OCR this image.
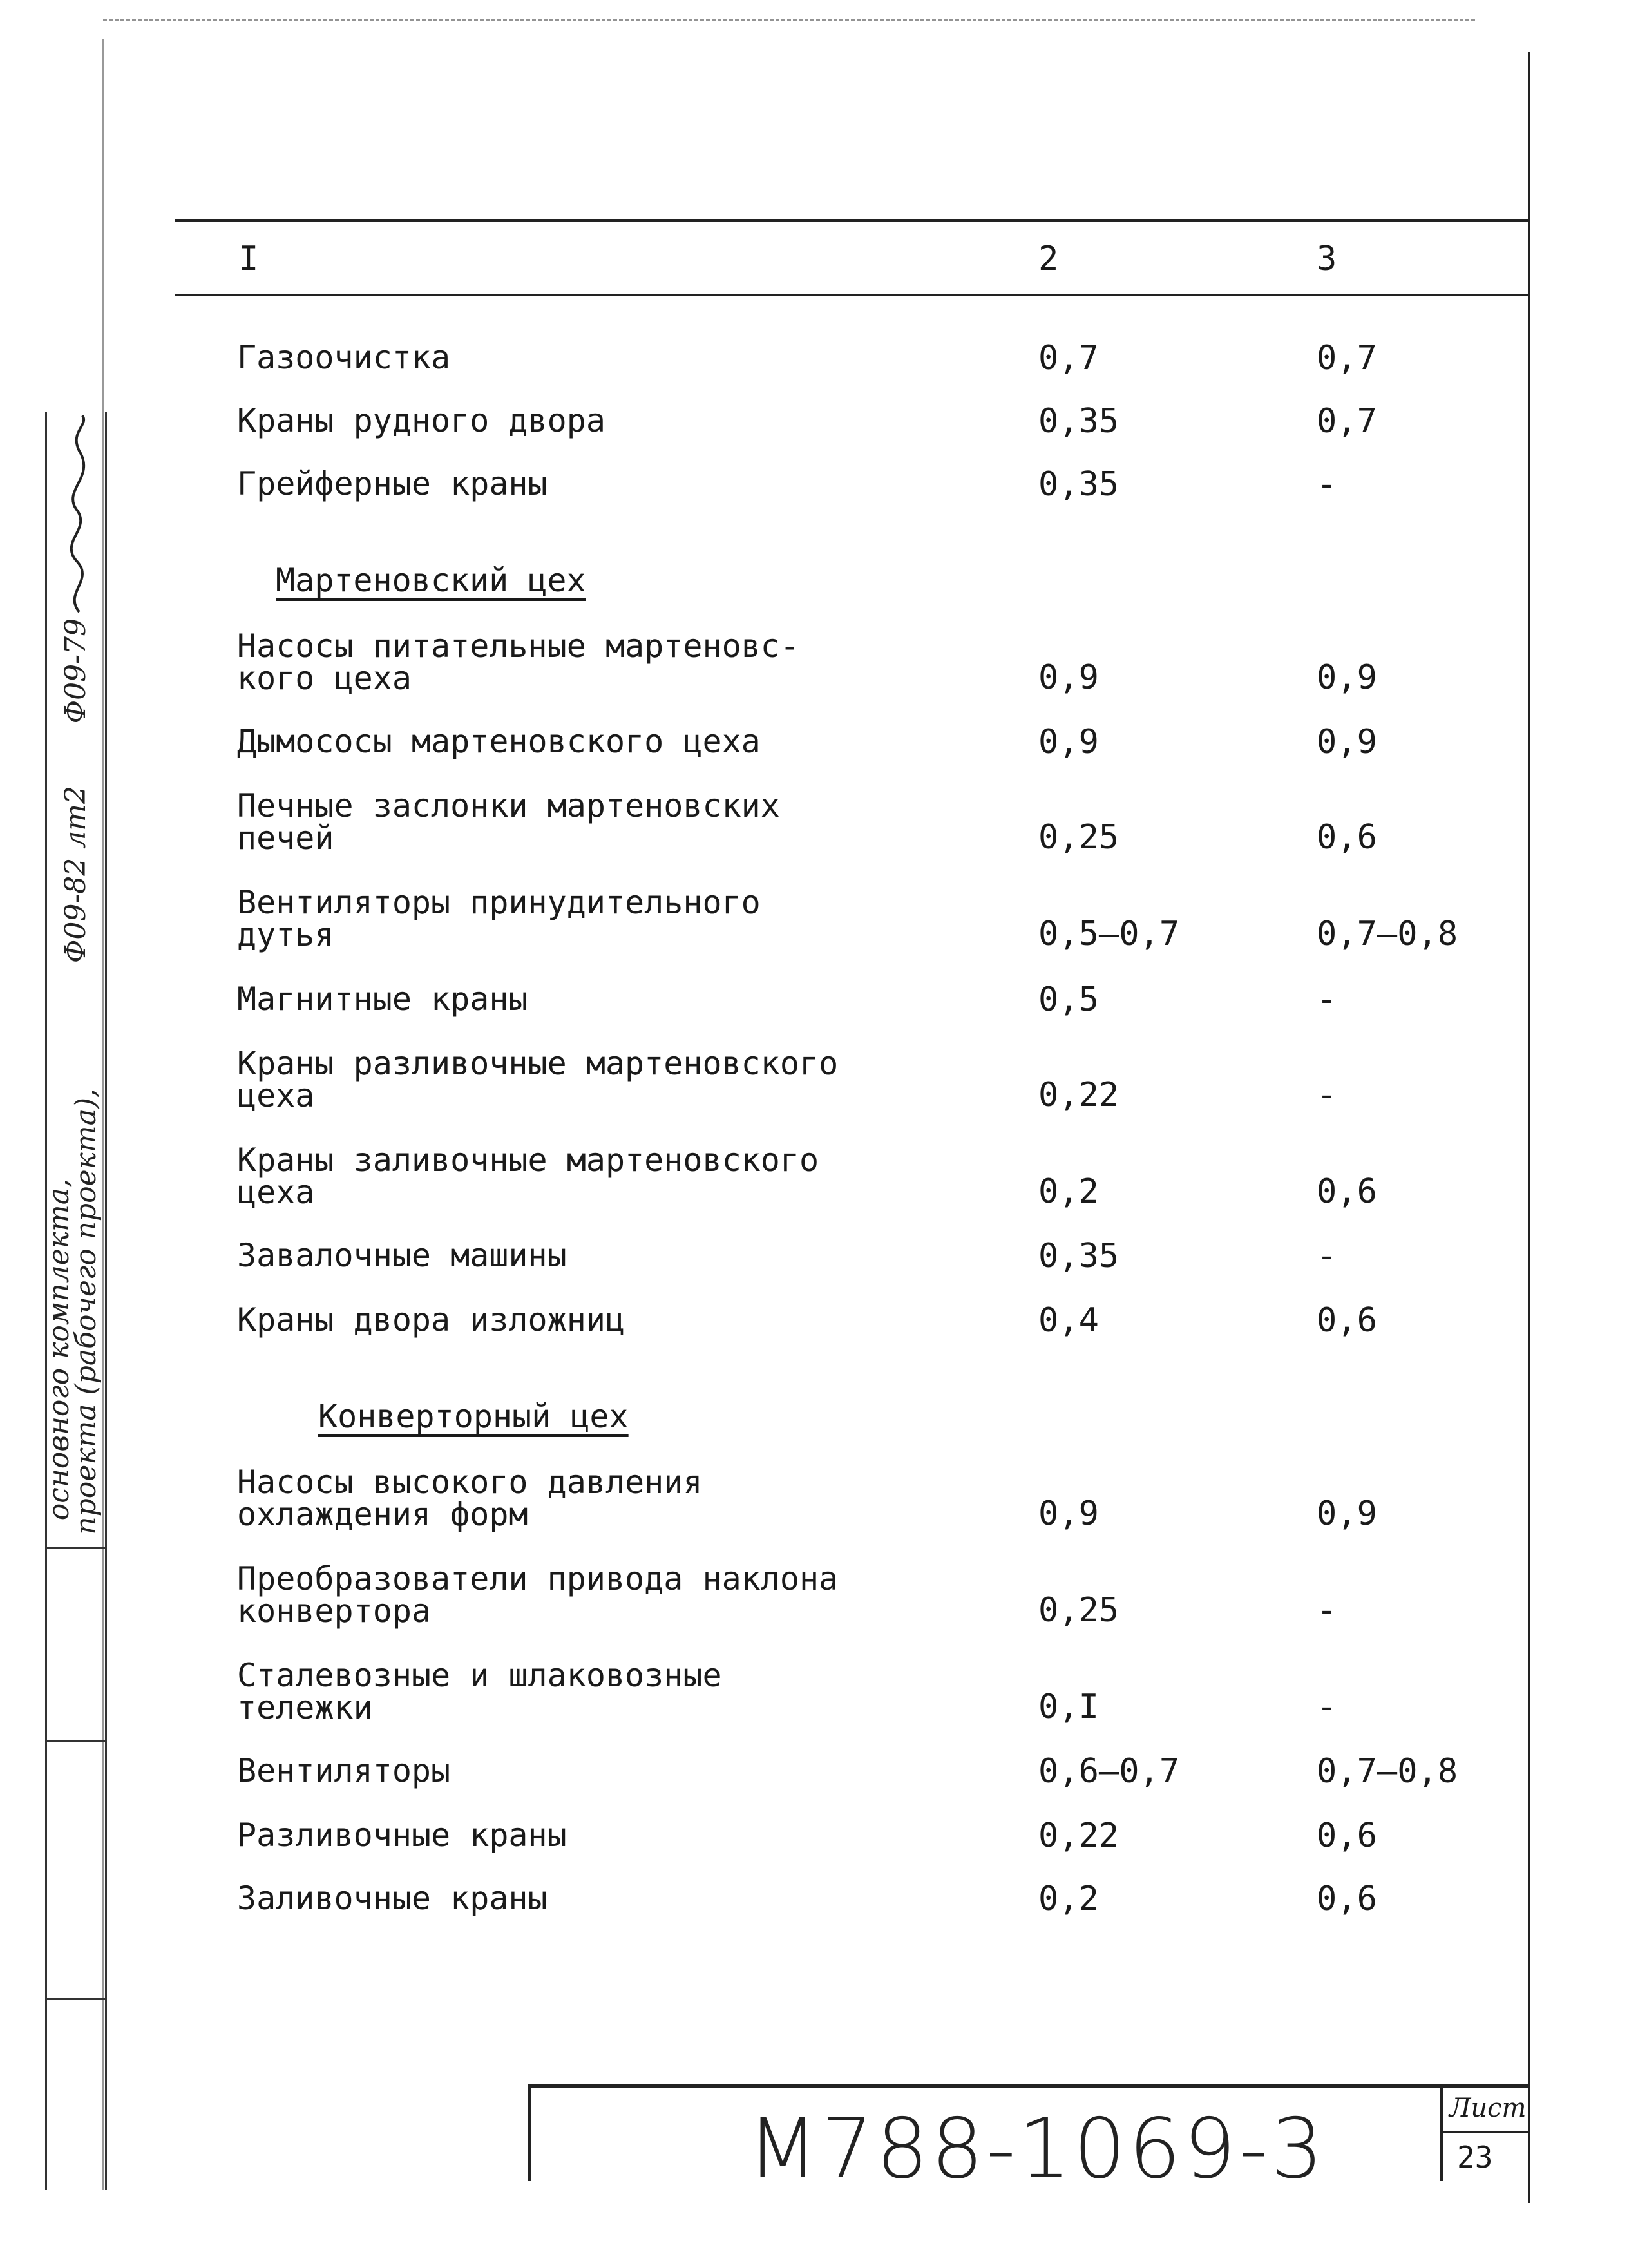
основного комплекта,
проекта (рабочего проекта),
Ф09-82 лт2
Ф09-79
I	2	3
Газоочистка	0,7	0,7
Краны рудного двора	0,35	0,7
Грейферные краны	0,35	-
Мартеновский цех
Насосы питательные мартеновс-
кого цеха	0,9	0,9
Дымососы мартеновского цеха	0,9	0,9
Печные заслонки мартеновских
печей	0,25	0,6
Вентиляторы принудительного
дутья	0,5–0,7	0,7–0,8
Магнитные краны	0,5	-
Краны разливочные мартеновского
цеха	0,22	-
Краны заливочные мартеновского
цеха	0,2	0,6
Завалочные машины	0,35	-
Краны двора изложниц	0,4	0,6
Конверторный цех
Насосы высокого давления
охлаждения форм	0,9	0,9
Преобразователи привода наклона
конвертора	0,25	-
Сталевозные и шлаковозные
тележки	0,I	-
Вентиляторы	0,6–0,7	0,7–0,8
Разливочные краны	0,22	0,6
Заливочные краны	0,2	0,6
М788-1069-3	Лист
23
